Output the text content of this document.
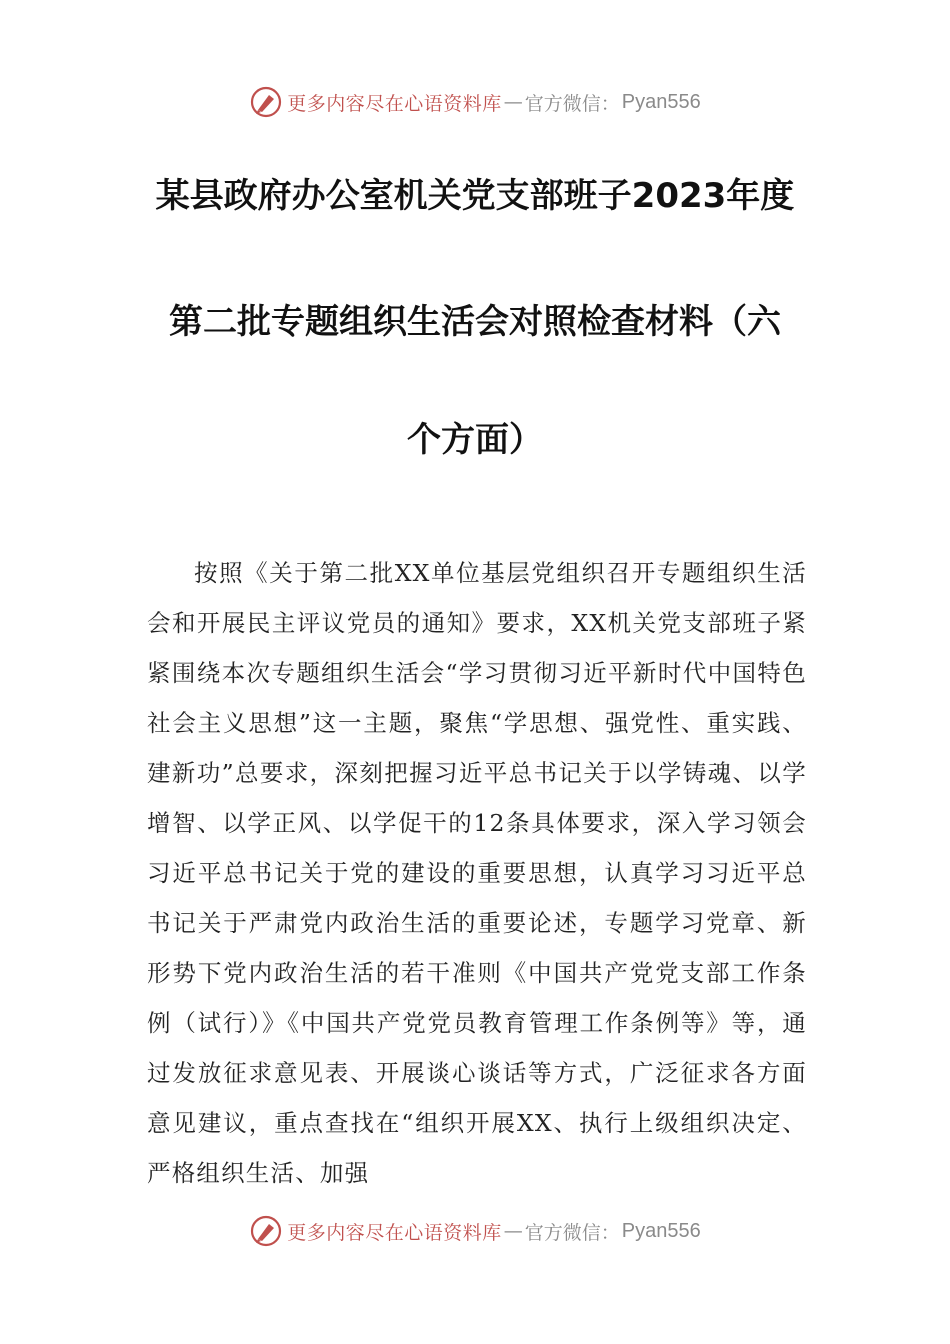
更多内容尽在心语资料库 — 官方微信： Pyan556
某县政府办公室机关党支部班子2023年度
第二批专题组织生活会对照检查材料（六
个方面）

按照《关于第二批XX单位基层党组织召开专题组织生活会和开展民主评议党员的通知》要求，XX机关党支部班子紧紧围绕本次专题组织生活会“学习贯彻习近平新时代中国特色社会主义思想”这一主题，聚焦“学思想、强党性、重实践、建新功”总要求，深刻把握习近平总书记关于以学铸魂、以学增智、以学正风、以学促干的12条具体要求，深入学习领会习近平总书记关于党的建设的重要思想，认真学习习近平总书记关于严肃党内政治生活的重要论述，专题学习党章、新形势下党内政治生活的若干准则《中国共产党党支部工作条例（试行）》《中国共产党党员教育管理工作条例等》等，通过发放征求意见表、开展谈心谈话等方式，广泛征求各方面意见建议，重点查找在“组织开展XX、执行上级组织决定、严格组织生活、加强

更多内容尽在心语资料库 — 官方微信： Pyan556
